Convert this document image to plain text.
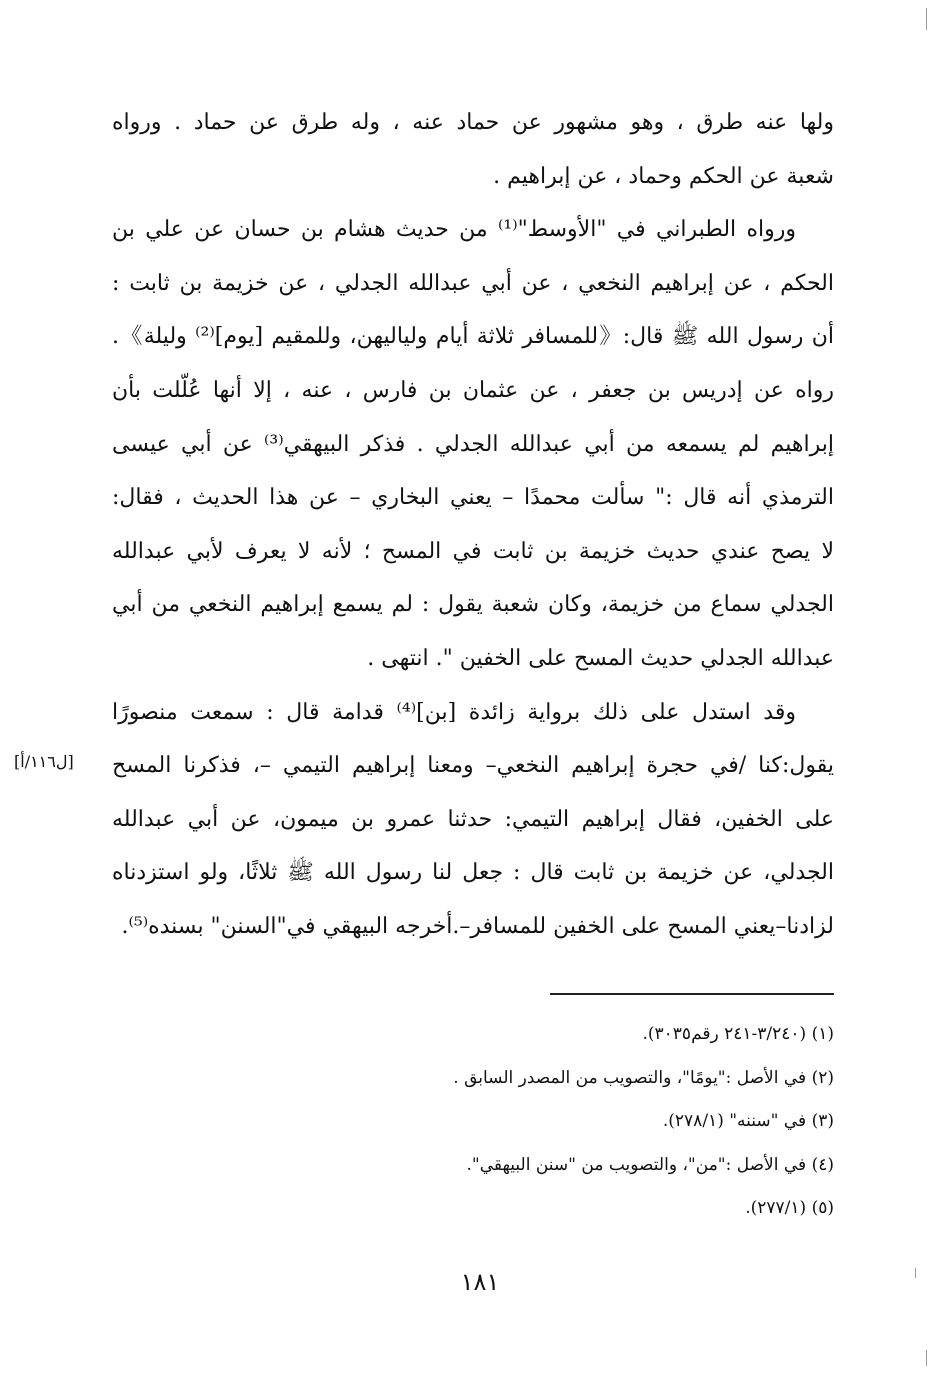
ولها عنه طرق ، وهو مشهور عن حماد عنه ، وله طرق عن حماد . ورواه
شعبة عن الحكم وحماد ، عن إبراهيم .
ورواه الطبراني في "الأوسط"⁽¹⁾ من حديث هشام بن حسان عن علي بن
الحكم ، عن إبراهيم النخعي ، عن أبي عبدالله الجدلي ، عن خزيمة بن ثابت :
أن رسول الله ﷺ قال:《للمسافر ثلاثة أيام ولياليهن، وللمقيم [يوم]⁽²⁾ وليلة》.
رواه عن إدريس بن جعفر ، عن عثمان بن فارس ، عنه ، إلا أنها عُلّلت بأن
إبراهيم لم يسمعه من أبي عبدالله الجدلي . فذكر البيهقي⁽³⁾ عن أبي عيسى
الترمذي أنه قال :" سألت محمدًا – يعني البخاري – عن هذا الحديث ، فقال:
لا يصح عندي حديث خزيمة بن ثابت في المسح ؛ لأنه لا يعرف لأبي عبدالله
الجدلي سماع من خزيمة، وكان شعبة يقول : لم يسمع إبراهيم النخعي من أبي
عبدالله الجدلي حديث المسح على الخفين ". انتهى .
وقد استدل على ذلك برواية زائدة [بن]⁽⁴⁾ قدامة قال : سمعت منصورًا
يقول:كنا /في حجرة إبراهيم النخعي– ومعنا إبراهيم التيمي –، فذكرنا المسح
على الخفين، فقال إبراهيم التيمي: حدثنا عمرو بن ميمون، عن أبي عبدالله
الجدلي، عن خزيمة بن ثابت قال : جعل لنا رسول الله ﷺ ثلاثًا، ولو استزدناه
لزادنا–يعني المسح على الخفين للمسافر–.أخرجه البيهقي في"السنن" بسنده⁽⁵⁾.
[ل١١٦/أ]
(١) (٣/٢٤٠-٢٤١ رقم٣٠٣٥).
(٢) في الأصل :"يومًا"، والتصويب من المصدر السابق .
(٣) في "سننه" (٢٧٨/١).
(٤) في الأصل :"من"، والتصويب من "سنن البيهقي".
(٥) (٢٧٧/١).
١٨١
